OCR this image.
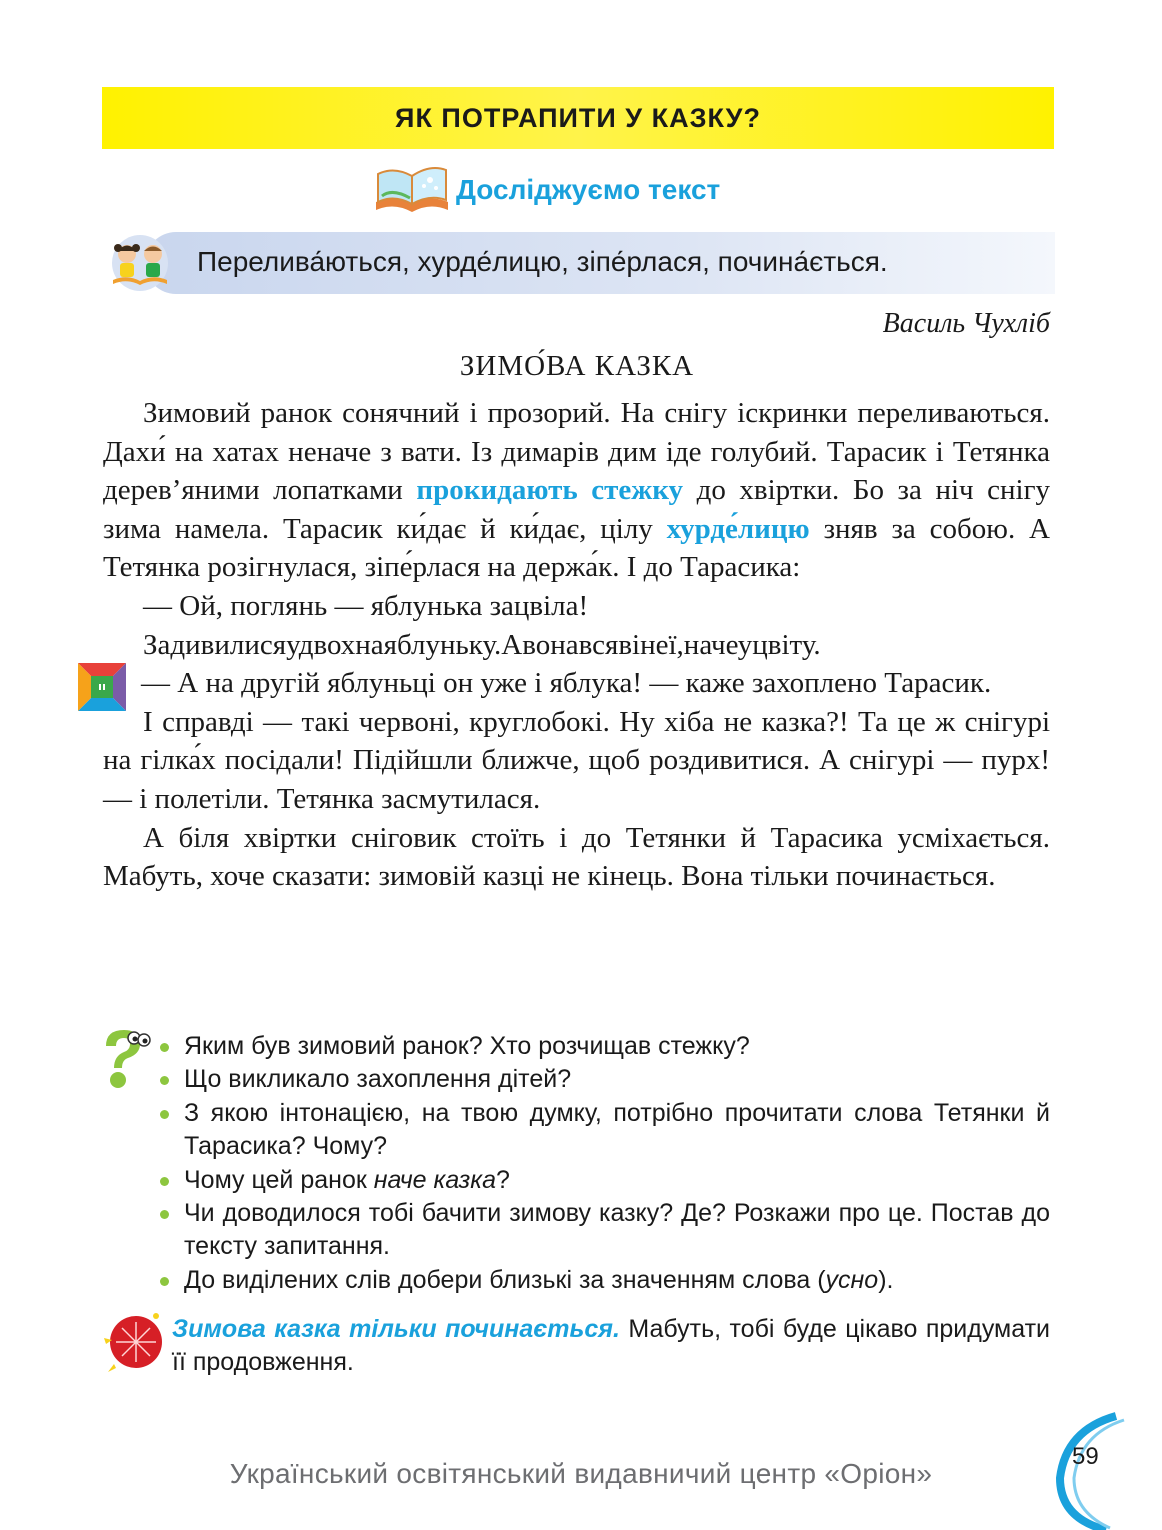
ЯК ПОТРАПИТИ У КАЗКУ?
Досліджуємо текст
Перелива́ються, хурде́лицю, зіпе́рлася, почина́ється.
Василь Чухліб
ЗИМО́ВА КАЗКА

Зимовий ранок сонячний і прозорий. На снігу іскринки переливаються. Дахи́ на хатах неначе з вати. Із димарів дим іде голубий. Тарасик і Тетянка дерев’яними лопатками прокидають стежку до хвіртки. Бо за ніч снігу зима намела. Тарасик ки́дає й ки́дає, цілу хурде́лицю зняв за собою. А Тетянка розігнулася, зіпе́рлася на держа́к. І до Тарасика:

— Ой, поглянь — яблунька зацвіла!

Задивилисяудвохнаяблуньку.Авонавсявінеї,начеуцвіту.

— А на другій яблуньці он уже і яблука! — каже захоплено Тарасик.

І справді — такі червоні, круглобокі. Ну хіба не казка?! Та це ж снігурі на гілка́х посідали! Підійшли ближче, щоб роздивитися. А снігурі — пурх! — і полетіли. Тетянка засмутилася.

А біля хвіртки сніговик стоїть і до Тетянки й Тарасика усміхається. Мабуть, хоче сказати: зимовій казці не кінець. Вона тільки починається.

Яким був зимовий ранок? Хто розчищав стежку?
Що викликало захоплення дітей?
З якою інтонацією, на твою думку, потрібно прочитати слова Тетянки й Тарасика? Чому?
Чому цей ранок наче казка?
Чи доводилося тобі бачити зимову казку? Де? Розкажи про це. Постав до тексту запитання.
До виділених слів добери близькі за значенням слова (усно).
Зимова казка тільки починається. Мабуть, тобі буде цікаво придумати її продовження.
Український освітянський видавничий центр «Оріон»
59
